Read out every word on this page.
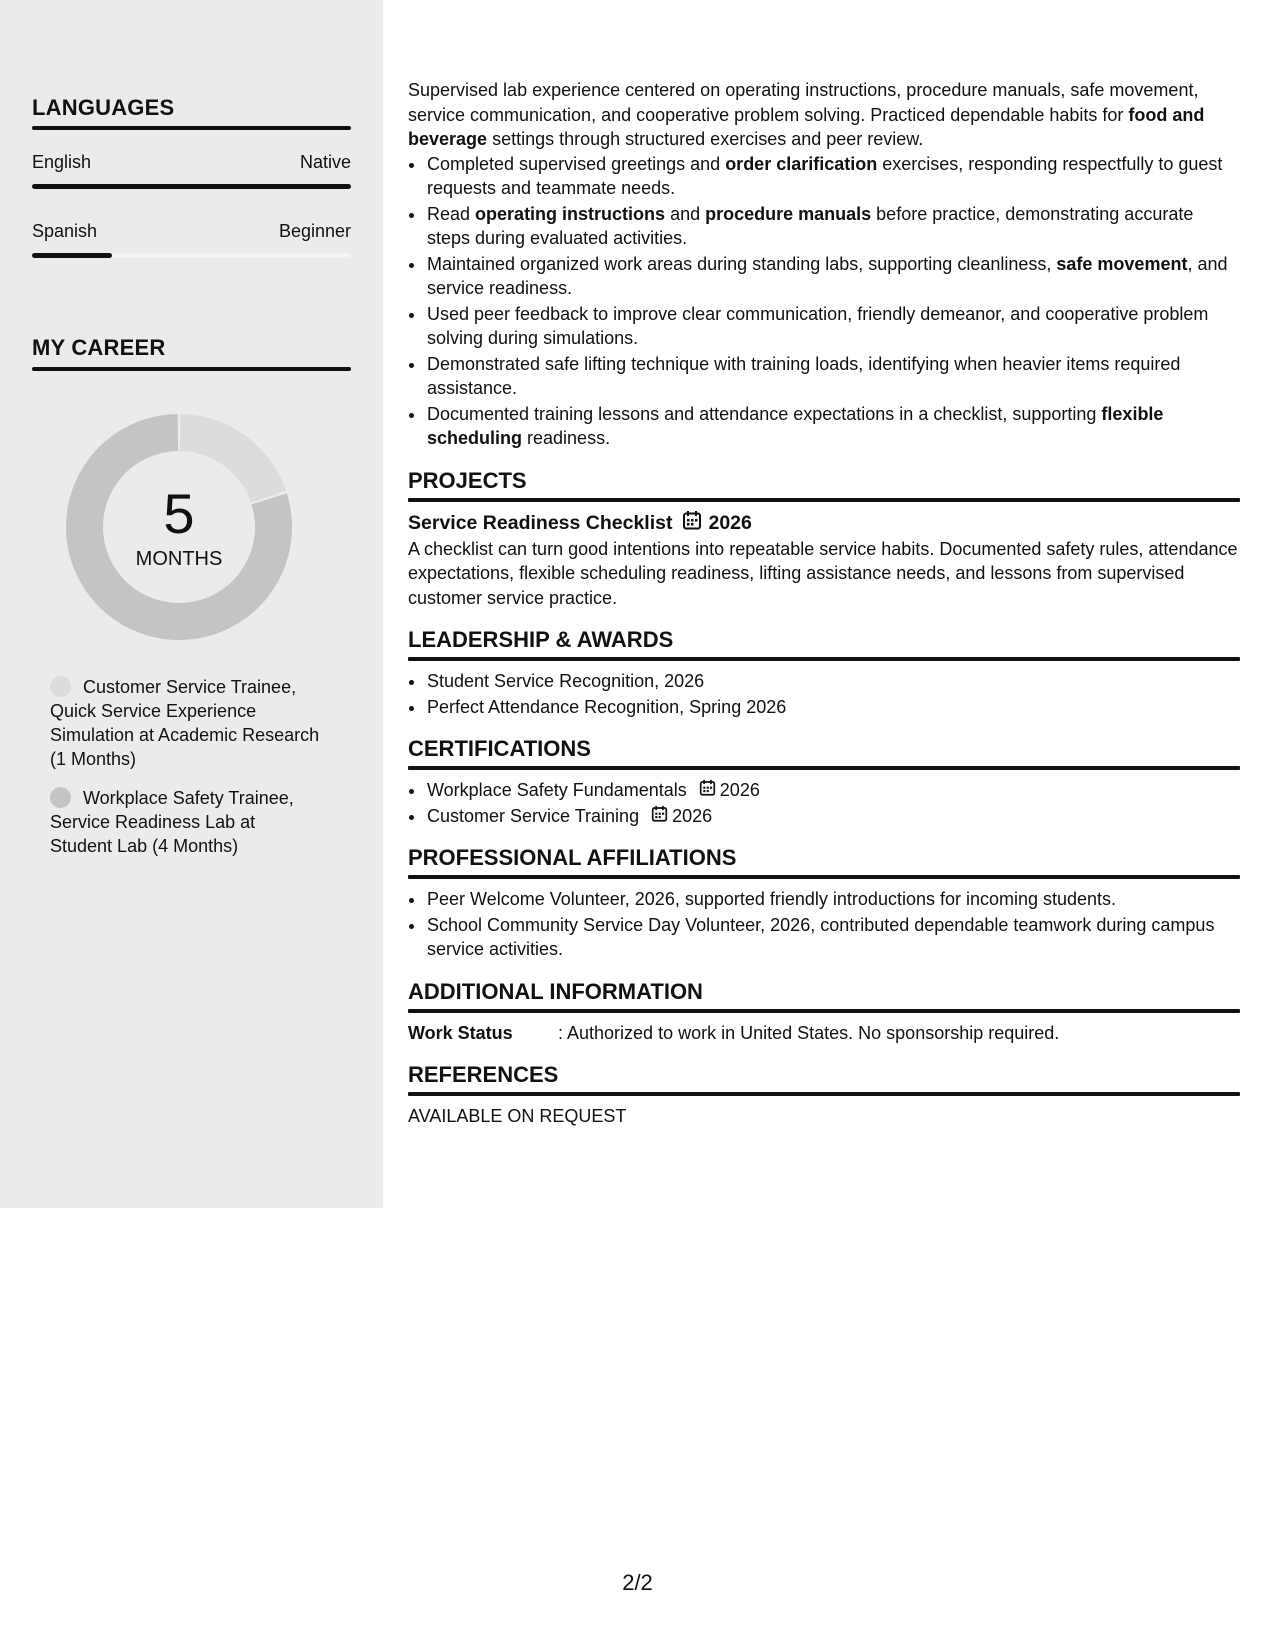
LANGUAGES
English	Native
Spanish	Beginner
MY CAREER
5
MONTHS
Customer Service Trainee, Quick Service Experience Simulation at Academic Research (1 Months)
Workplace Safety Trainee, Service Readiness Lab at Student Lab (4 Months)

Supervised lab experience centered on operating instructions, procedure manuals, safe movement, service communication, and cooperative problem solving. Practiced dependable habits for food and beverage settings through structured exercises and peer review.

• Completed supervised greetings and order clarification exercises, responding respectfully to guest requests and teammate needs.
• Read operating instructions and procedure manuals before practice, demonstrating accurate steps during evaluated activities.
• Maintained organized work areas during standing labs, supporting cleanliness, safe movement, and service readiness.
• Used peer feedback to improve clear communication, friendly demeanor, and cooperative problem solving during simulations.
• Demonstrated safe lifting technique with training loads, identifying when heavier items required assistance.
• Documented training lessons and attendance expectations in a checklist, supporting flexible scheduling readiness.
PROJECTS
Service Readiness Checklist 2026

A checklist can turn good intentions into repeatable service habits. Documented safety rules, attendance expectations, flexible scheduling readiness, lifting assistance needs, and lessons from supervised customer service practice.

LEADERSHIP & AWARDS
• Student Service Recognition, 2026
• Perfect Attendance Recognition, Spring 2026
CERTIFICATIONS
• Workplace Safety Fundamentals 2026
• Customer Service Training 2026
PROFESSIONAL AFFILIATIONS
• Peer Welcome Volunteer, 2026, supported friendly introductions for incoming students.
• School Community Service Day Volunteer, 2026, contributed dependable teamwork during campus service activities.
ADDITIONAL INFORMATION
Work Status	: Authorized to work in United States. No sponsorship required.
REFERENCES

AVAILABLE ON REQUEST

2/2
